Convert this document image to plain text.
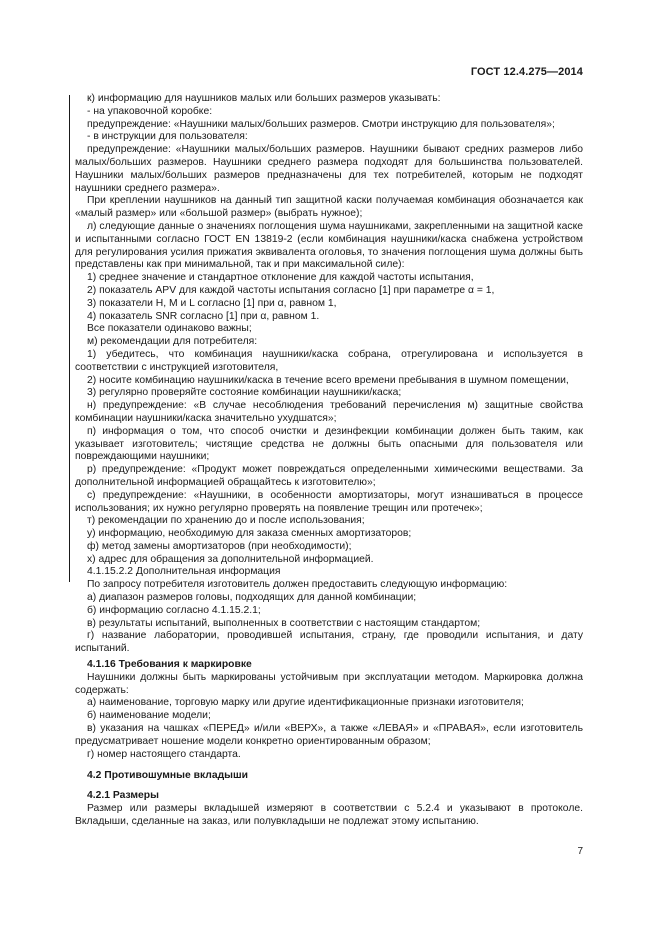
ГОСТ 12.4.275—2014

к) информацию для наушников малых или больших размеров указывать:

- на упаковочной коробке:

предупреждение: «Наушники малых/больших размеров. Смотри инструкцию для пользователя»;

- в инструкции для пользователя:

предупреждение: «Наушники малых/больших размеров. Наушники бывают средних размеров либо малых/больших размеров. Наушники среднего размера подходят для большинства пользователей. Наушники малых/больших размеров предназначены для тех потребителей, которым не подходят наушники среднего размера».

При креплении наушников на данный тип защитной каски получаемая комбинация обозначается как «малый размер» или «большой размер» (выбрать нужное);

л) следующие данные о значениях поглощения шума наушниками, закрепленными на защитной каске и испытанными согласно ГОСТ EN 13819-2 (если комбинация наушники/каска снабжена устройством для регулирования усилия прижатия эквивалента оголовья, то значения поглощения шума должны быть представлены как при минимальной, так и при максимальной силе):

1) среднее значение и стандартное отклонение для каждой частоты испытания,

2) показатель APV для каждой частоты испытания согласно [1] при параметре α = 1,

3) показатели H, M и L согласно [1] при α, равном 1,

4) показатель SNR согласно [1] при α, равном 1.

Все показатели одинаково важны;

м) рекомендации для потребителя:

1) убедитесь, что комбинация наушники/каска собрана, отрегулирована и используется в соответствии с инструкцией изготовителя,

2) носите комбинацию наушники/каска в течение всего времени пребывания в шумном помещении,

3) регулярно проверяйте состояние комбинации наушники/каска;

н) предупреждение: «В случае несоблюдения требований перечисления м) защитные свойства комбинации наушники/каска значительно ухудшатся»;

п) информация о том, что способ очистки и дезинфекции комбинации должен быть таким, как указывает изготовитель; чистящие средства не должны быть опасными для пользователя или повреждающими наушники;

р) предупреждение: «Продукт может повреждаться определенными химическими веществами. За дополнительной информацией обращайтесь к изготовителю»;

с) предупреждение: «Наушники, в особенности амортизаторы, могут изнашиваться в процессе использования; их нужно регулярно проверять на появление трещин или протечек»;

т) рекомендации по хранению до и после использования;

у) информацию, необходимую для заказа сменных амортизаторов;

ф) метод замены амортизаторов (при необходимости);

х) адрес для обращения за дополнительной информацией.

4.1.15.2.2 Дополнительная информация

По запросу потребителя изготовитель должен предоставить следующую информацию:

а) диапазон размеров головы, подходящих для данной комбинации;

б) информацию согласно 4.1.15.2.1;

в) результаты испытаний, выполненных в соответствии с настоящим стандартом;

г) название лаборатории, проводившей испытания, страну, где проводили испытания, и дату испытаний.

4.1.16 Требования к маркировке

Наушники должны быть маркированы устойчивым при эксплуатации методом. Маркировка должна содержать:

а) наименование, торговую марку или другие идентификационные признаки изготовителя;

б) наименование модели;

в) указания на чашках «ПЕРЕД» и/или «ВЕРХ», а также «ЛЕВАЯ» и «ПРАВАЯ», если изготовитель предусматривает ношение модели конкретно ориентированным образом;

г) номер настоящего стандарта.

4.2 Противошумные вкладыши

4.2.1 Размеры

Размер или размеры вкладышей измеряют в соответствии с 5.2.4 и указывают в протоколе. Вкладыши, сделанные на заказ, или полувкладыши не подлежат этому испытанию.

7
